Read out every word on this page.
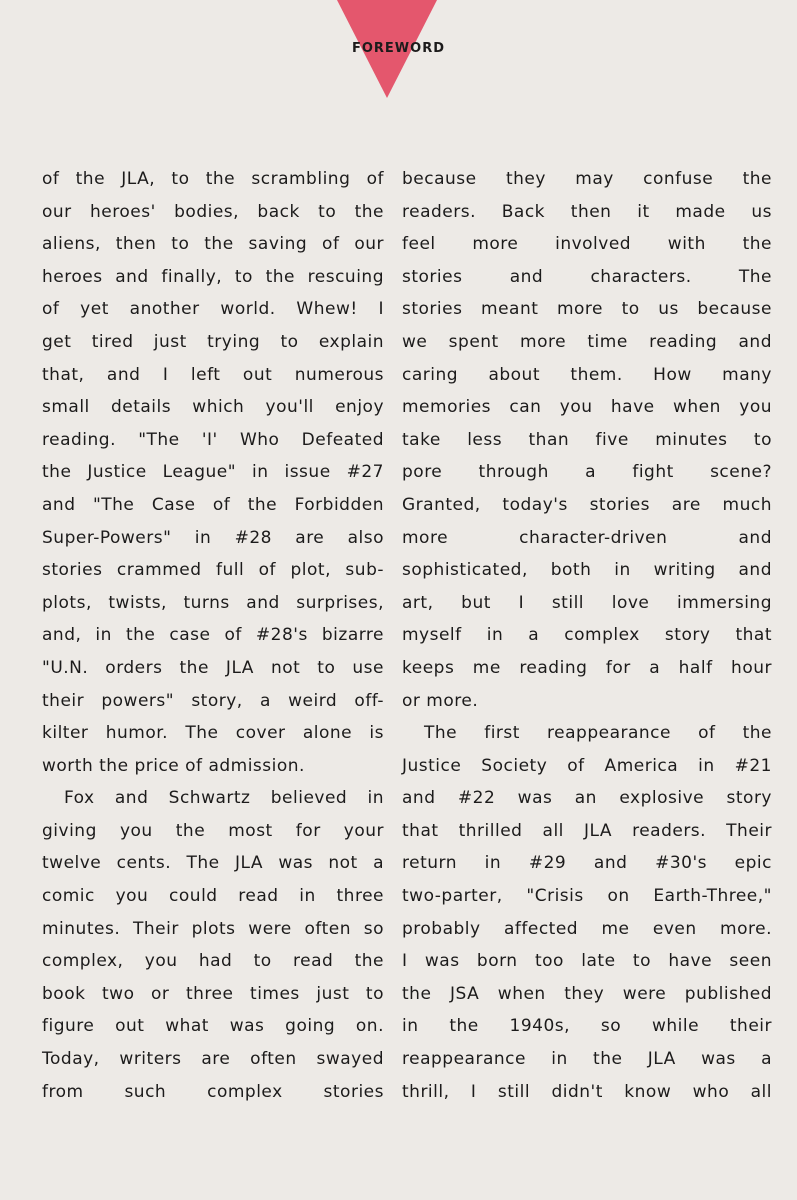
FOREWORD
of the JLA, to the scrambling of
our heroes' bodies, back to the
aliens, then to the saving of our
heroes and finally, to the rescuing
of yet another world. Whew! I
get tired just trying to explain
that, and I left out numerous
small details which you'll enjoy
reading. "The 'I' Who Defeated
the Justice League" in issue #27
and "The Case of the Forbidden
Super-Powers" in #28 are also
stories crammed full of plot, sub-
plots, twists, turns and surprises,
and, in the case of #28's bizarre
"U.N. orders the JLA not to use
their powers" story, a weird off-
kilter humor. The cover alone is
worth the price of admission.
Fox and Schwartz believed in
giving you the most for your
twelve cents. The JLA was not a
comic you could read in three
minutes. Their plots were often so
complex, you had to read the
book two or three times just to
figure out what was going on.
Today, writers are often swayed
from such complex stories
because they may confuse the
readers. Back then it made us
feel more involved with the
stories and characters. The
stories meant more to us because
we spent more time reading and
caring about them. How many
memories can you have when you
take less than five minutes to
pore through a fight scene?
Granted, today's stories are much
more character-driven and
sophisticated, both in writing and
art, but I still love immersing
myself in a complex story that
keeps me reading for a half hour
or more.
The first reappearance of the
Justice Society of America in #21
and #22 was an explosive story
that thrilled all JLA readers. Their
return in #29 and #30's epic
two-parter, "Crisis on Earth-Three,"
probably affected me even more.
I was born too late to have seen
the JSA when they were published
in the 1940s, so while their
reappearance in the JLA was a
thrill, I still didn't know who all
